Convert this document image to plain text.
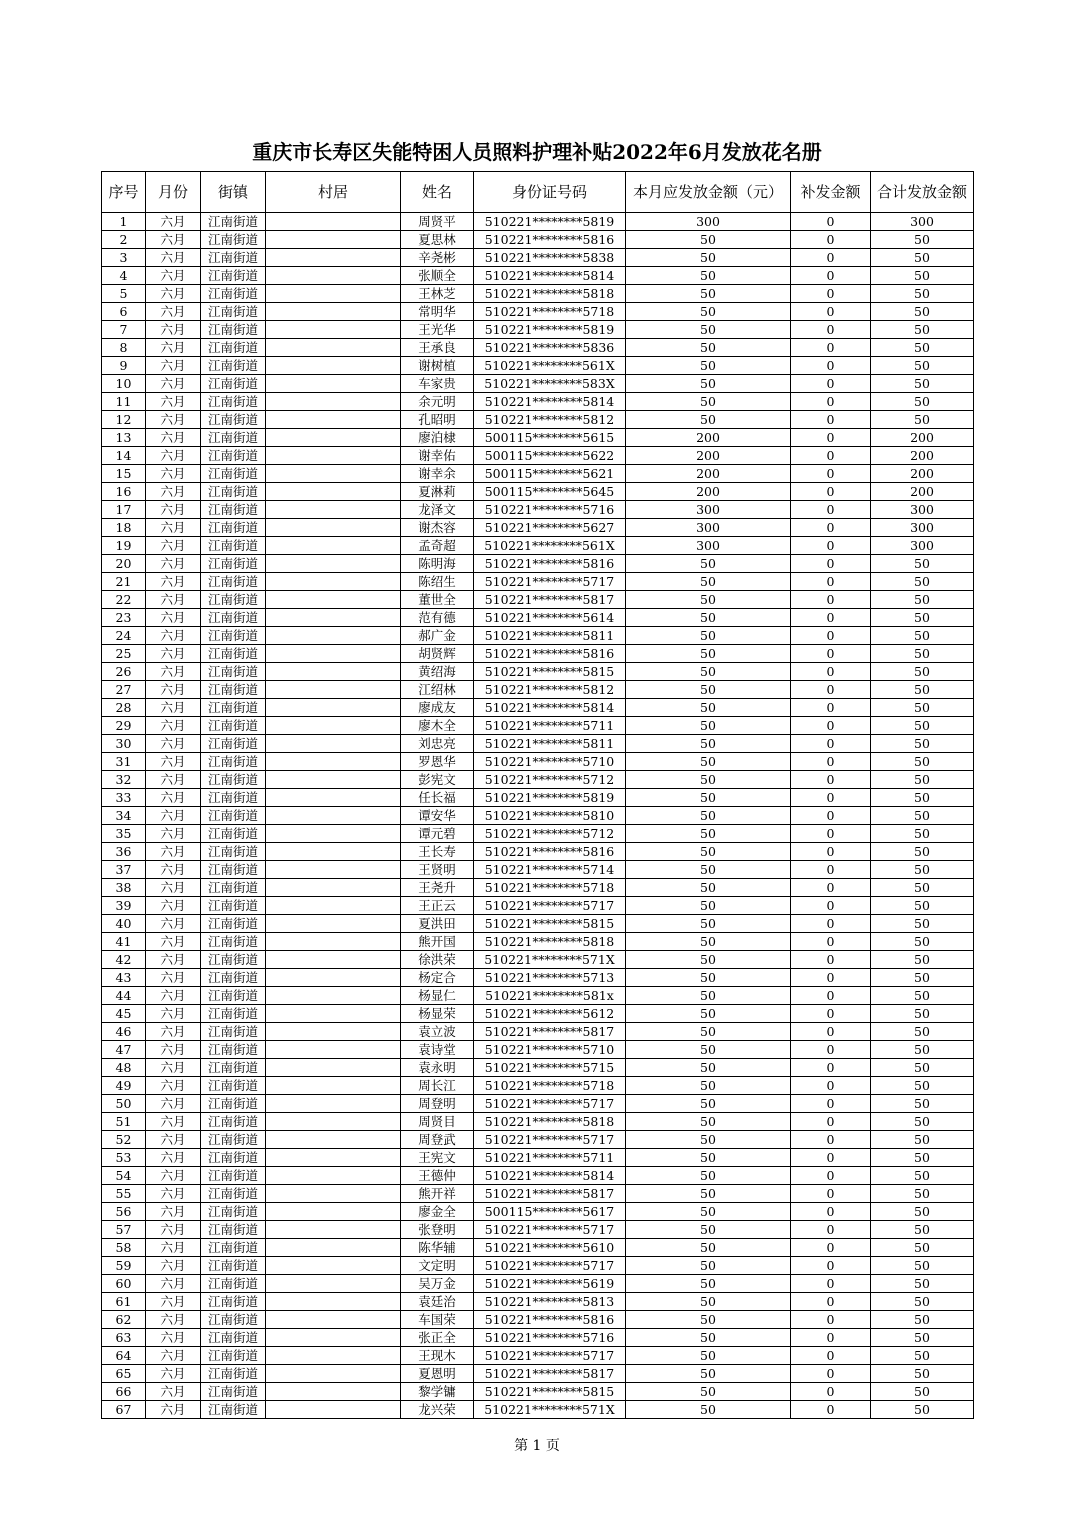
重庆市长寿区失能特困人员照料护理补贴2022年6月发放花名册
序号	月份	街镇	村居	姓名	身份证号码	本月应发放金额（元）	补发金额	合计发放金额
1	六月	江南街道		周贤平	510221********5819	300	0	300
2	六月	江南街道		夏思林	510221********5816	50	0	50
3	六月	江南街道		辛尧彬	510221********5838	50	0	50
4	六月	江南街道		张顺全	510221********5814	50	0	50
5	六月	江南街道		王林芝	510221********5818	50	0	50
6	六月	江南街道		常明华	510221********5718	50	0	50
7	六月	江南街道		王光华	510221********5819	50	0	50
8	六月	江南街道		王承良	510221********5836	50	0	50
9	六月	江南街道		谢树植	510221********561X	50	0	50
10	六月	江南街道		车家贵	510221********583X	50	0	50
11	六月	江南街道		余元明	510221********5814	50	0	50
12	六月	江南街道		孔昭明	510221********5812	50	0	50
13	六月	江南街道		廖泊棣	500115********5615	200	0	200
14	六月	江南街道		谢幸佑	500115********5622	200	0	200
15	六月	江南街道		谢幸余	500115********5621	200	0	200
16	六月	江南街道		夏淋莉	500115********5645	200	0	200
17	六月	江南街道		龙泽文	510221********5716	300	0	300
18	六月	江南街道		谢杰容	510221********5627	300	0	300
19	六月	江南街道		孟奇超	510221********561X	300	0	300
20	六月	江南街道		陈明海	510221********5816	50	0	50
21	六月	江南街道		陈绍生	510221********5717	50	0	50
22	六月	江南街道		董世全	510221********5817	50	0	50
23	六月	江南街道		范有德	510221********5614	50	0	50
24	六月	江南街道		郝广金	510221********5811	50	0	50
25	六月	江南街道		胡贤辉	510221********5816	50	0	50
26	六月	江南街道		黄绍海	510221********5815	50	0	50
27	六月	江南街道		江绍林	510221********5812	50	0	50
28	六月	江南街道		廖成友	510221********5814	50	0	50
29	六月	江南街道		廖木全	510221********5711	50	0	50
30	六月	江南街道		刘忠亮	510221********5811	50	0	50
31	六月	江南街道		罗恩华	510221********5710	50	0	50
32	六月	江南街道		彭宪文	510221********5712	50	0	50
33	六月	江南街道		任长福	510221********5819	50	0	50
34	六月	江南街道		谭安华	510221********5810	50	0	50
35	六月	江南街道		谭元碧	510221********5712	50	0	50
36	六月	江南街道		王长寿	510221********5816	50	0	50
37	六月	江南街道		王贤明	510221********5714	50	0	50
38	六月	江南街道		王尧升	510221********5718	50	0	50
39	六月	江南街道		王正云	510221********5717	50	0	50
40	六月	江南街道		夏洪田	510221********5815	50	0	50
41	六月	江南街道		熊开国	510221********5818	50	0	50
42	六月	江南街道		徐洪荣	510221********571X	50	0	50
43	六月	江南街道		杨定合	510221********5713	50	0	50
44	六月	江南街道		杨显仁	510221********581x	50	0	50
45	六月	江南街道		杨显荣	510221********5612	50	0	50
46	六月	江南街道		袁立波	510221********5817	50	0	50
47	六月	江南街道		袁诗堂	510221********5710	50	0	50
48	六月	江南街道		袁永明	510221********5715	50	0	50
49	六月	江南街道		周长江	510221********5718	50	0	50
50	六月	江南街道		周登明	510221********5717	50	0	50
51	六月	江南街道		周贤目	510221********5818	50	0	50
52	六月	江南街道		周登武	510221********5717	50	0	50
53	六月	江南街道		王宪文	510221********5711	50	0	50
54	六月	江南街道		王德仲	510221********5814	50	0	50
55	六月	江南街道		熊开祥	510221********5817	50	0	50
56	六月	江南街道		廖金全	500115********5617	50	0	50
57	六月	江南街道		张登明	510221********5717	50	0	50
58	六月	江南街道		陈华辅	510221********5610	50	0	50
59	六月	江南街道		文定明	510221********5717	50	0	50
60	六月	江南街道		吴万金	510221********5619	50	0	50
61	六月	江南街道		袁廷治	510221********5813	50	0	50
62	六月	江南街道		车国荣	510221********5816	50	0	50
63	六月	江南街道		张正全	510221********5716	50	0	50
64	六月	江南街道		王现木	510221********5717	50	0	50
65	六月	江南街道		夏恩明	510221********5817	50	0	50
66	六月	江南街道		黎学镛	510221********5815	50	0	50
67	六月	江南街道		龙兴荣	510221********571X	50	0	50
第 1 页
